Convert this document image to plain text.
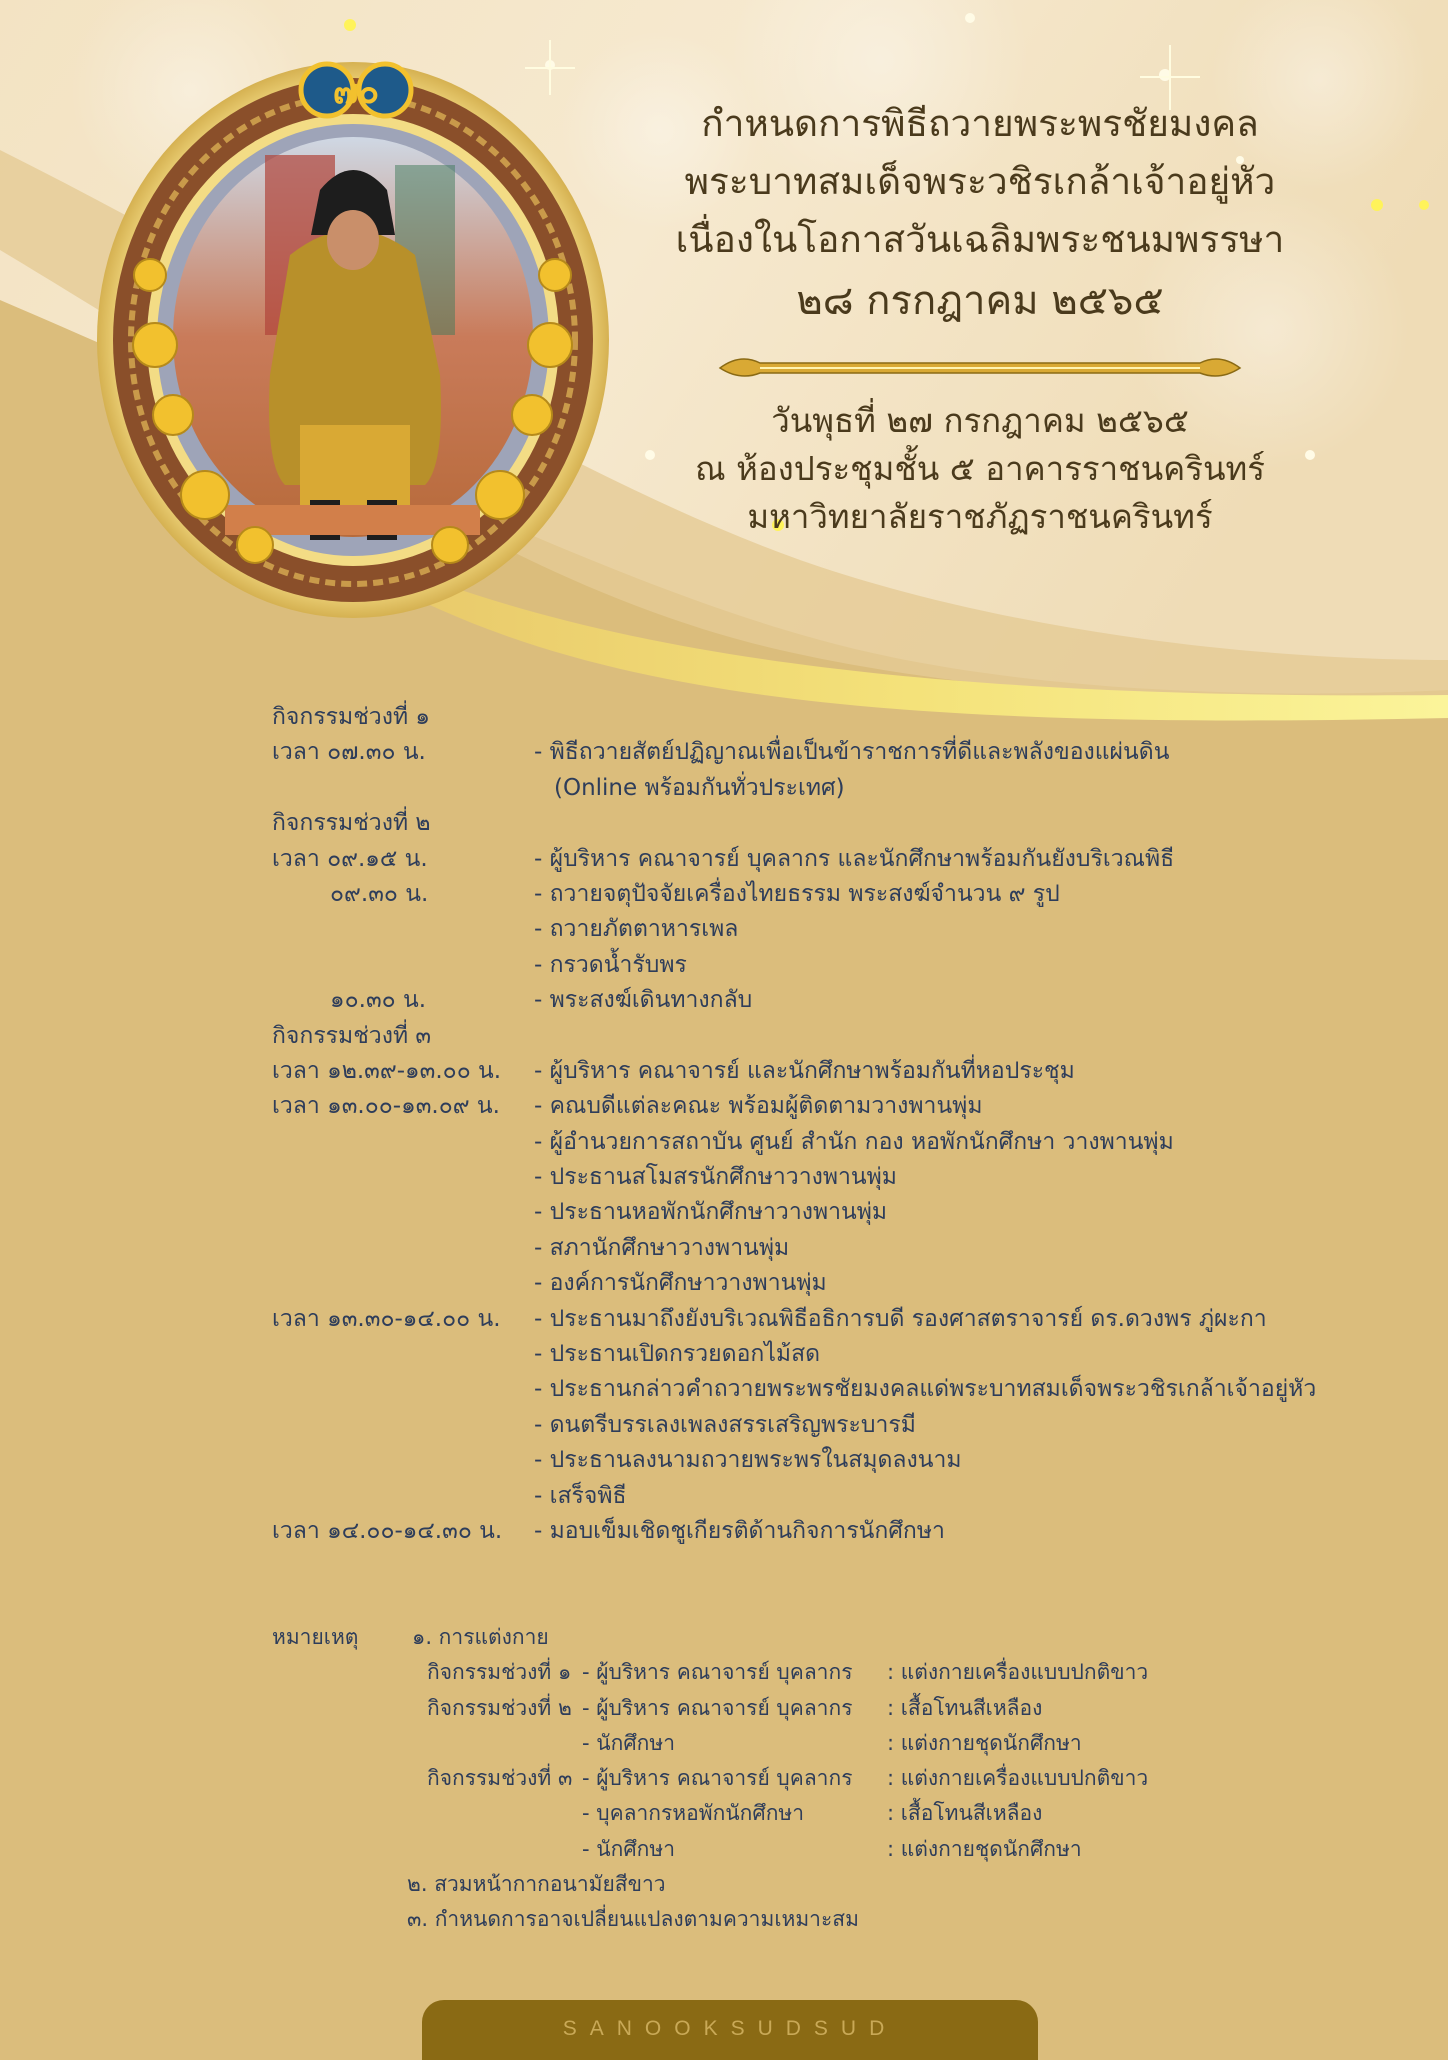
๗๐
กำหนดการพิธีถวายพระพรชัยมงคล
พระบาทสมเด็จพระวชิรเกล้าเจ้าอยู่หัว
เนื่องในโอกาสวันเฉลิมพระชนมพรรษา
๒๘ กรกฎาคม ๒๕๖๕
วันพุธที่ ๒๗ กรกฎาคม ๒๕๖๕
ณ ห้องประชุมชั้น ๕ อาคารราชนครินทร์
มหาวิทยาลัยราชภัฏราชนครินทร์
กิจกรรมช่วงที่ ๑
เวลา ๐๗.๓๐ น.	- พิธีถวายสัตย์ปฏิญาณเพื่อเป็นข้าราชการที่ดีและพลังของแผ่นดิน
(Online พร้อมกันทั่วประเทศ)
กิจกรรมช่วงที่ ๒
เวลา ๐๙.๑๕ น.	- ผู้บริหาร คณาจารย์ บุคลากร และนักศึกษาพร้อมกันยังบริเวณพิธี
๐๙.๓๐ น.	- ถวายจตุปัจจัยเครื่องไทยธรรม พระสงฆ์จำนวน ๙ รูป
- ถวายภัตตาหารเพล
- กรวดน้ำรับพร
๑๐.๓๐ น.	- พระสงฆ์เดินทางกลับ
กิจกรรมช่วงที่ ๓
เวลา ๑๒.๓๙-๑๓.๐๐ น.	- ผู้บริหาร คณาจารย์ และนักศึกษาพร้อมกันที่หอประชุม
เวลา ๑๓.๐๐-๑๓.๐๙ น.	- คณบดีแต่ละคณะ พร้อมผู้ติดตามวางพานพุ่ม
- ผู้อำนวยการสถาบัน ศูนย์ สำนัก กอง หอพักนักศึกษา วางพานพุ่ม
- ประธานสโมสรนักศึกษาวางพานพุ่ม
- ประธานหอพักนักศึกษาวางพานพุ่ม
- สภานักศึกษาวางพานพุ่ม
- องค์การนักศึกษาวางพานพุ่ม
เวลา ๑๓.๓๐-๑๔.๐๐ น.	- ประธานมาถึงยังบริเวณพิธีอธิการบดี รองศาสตราจารย์ ดร.ดวงพร ภู่ผะกา
- ประธานเปิดกรวยดอกไม้สด
- ประธานกล่าวคำถวายพระพรชัยมงคลแด่พระบาทสมเด็จพระวชิรเกล้าเจ้าอยู่หัว
- ดนตรีบรรเลงเพลงสรรเสริญพระบารมี
- ประธานลงนามถวายพระพรในสมุดลงนาม
- เสร็จพิธี
เวลา ๑๔.๐๐-๑๔.๓๐ น.	- มอบเข็มเชิดชูเกียรติด้านกิจการนักศึกษา
หมายเหตุ	๑. การแต่งกาย
กิจกรรมช่วงที่ ๑ - ผู้บริหาร คณาจารย์ บุคลากร	: แต่งกายเครื่องแบบปกติขาว
กิจกรรมช่วงที่ ๒ - ผู้บริหาร คณาจารย์ บุคลากร	: เสื้อโทนสีเหลือง
- นักศึกษา	: แต่งกายชุดนักศึกษา
กิจกรรมช่วงที่ ๓ - ผู้บริหาร คณาจารย์ บุคลากร	: แต่งกายเครื่องแบบปกติขาว
- บุคลากรหอพักนักศึกษา	: เสื้อโทนสีเหลือง
- นักศึกษา	: แต่งกายชุดนักศึกษา
๒. สวมหน้ากากอนามัยสีขาว
๓. กำหนดการอาจเปลี่ยนแปลงตามความเหมาะสม
SANOOKSUDSUD
